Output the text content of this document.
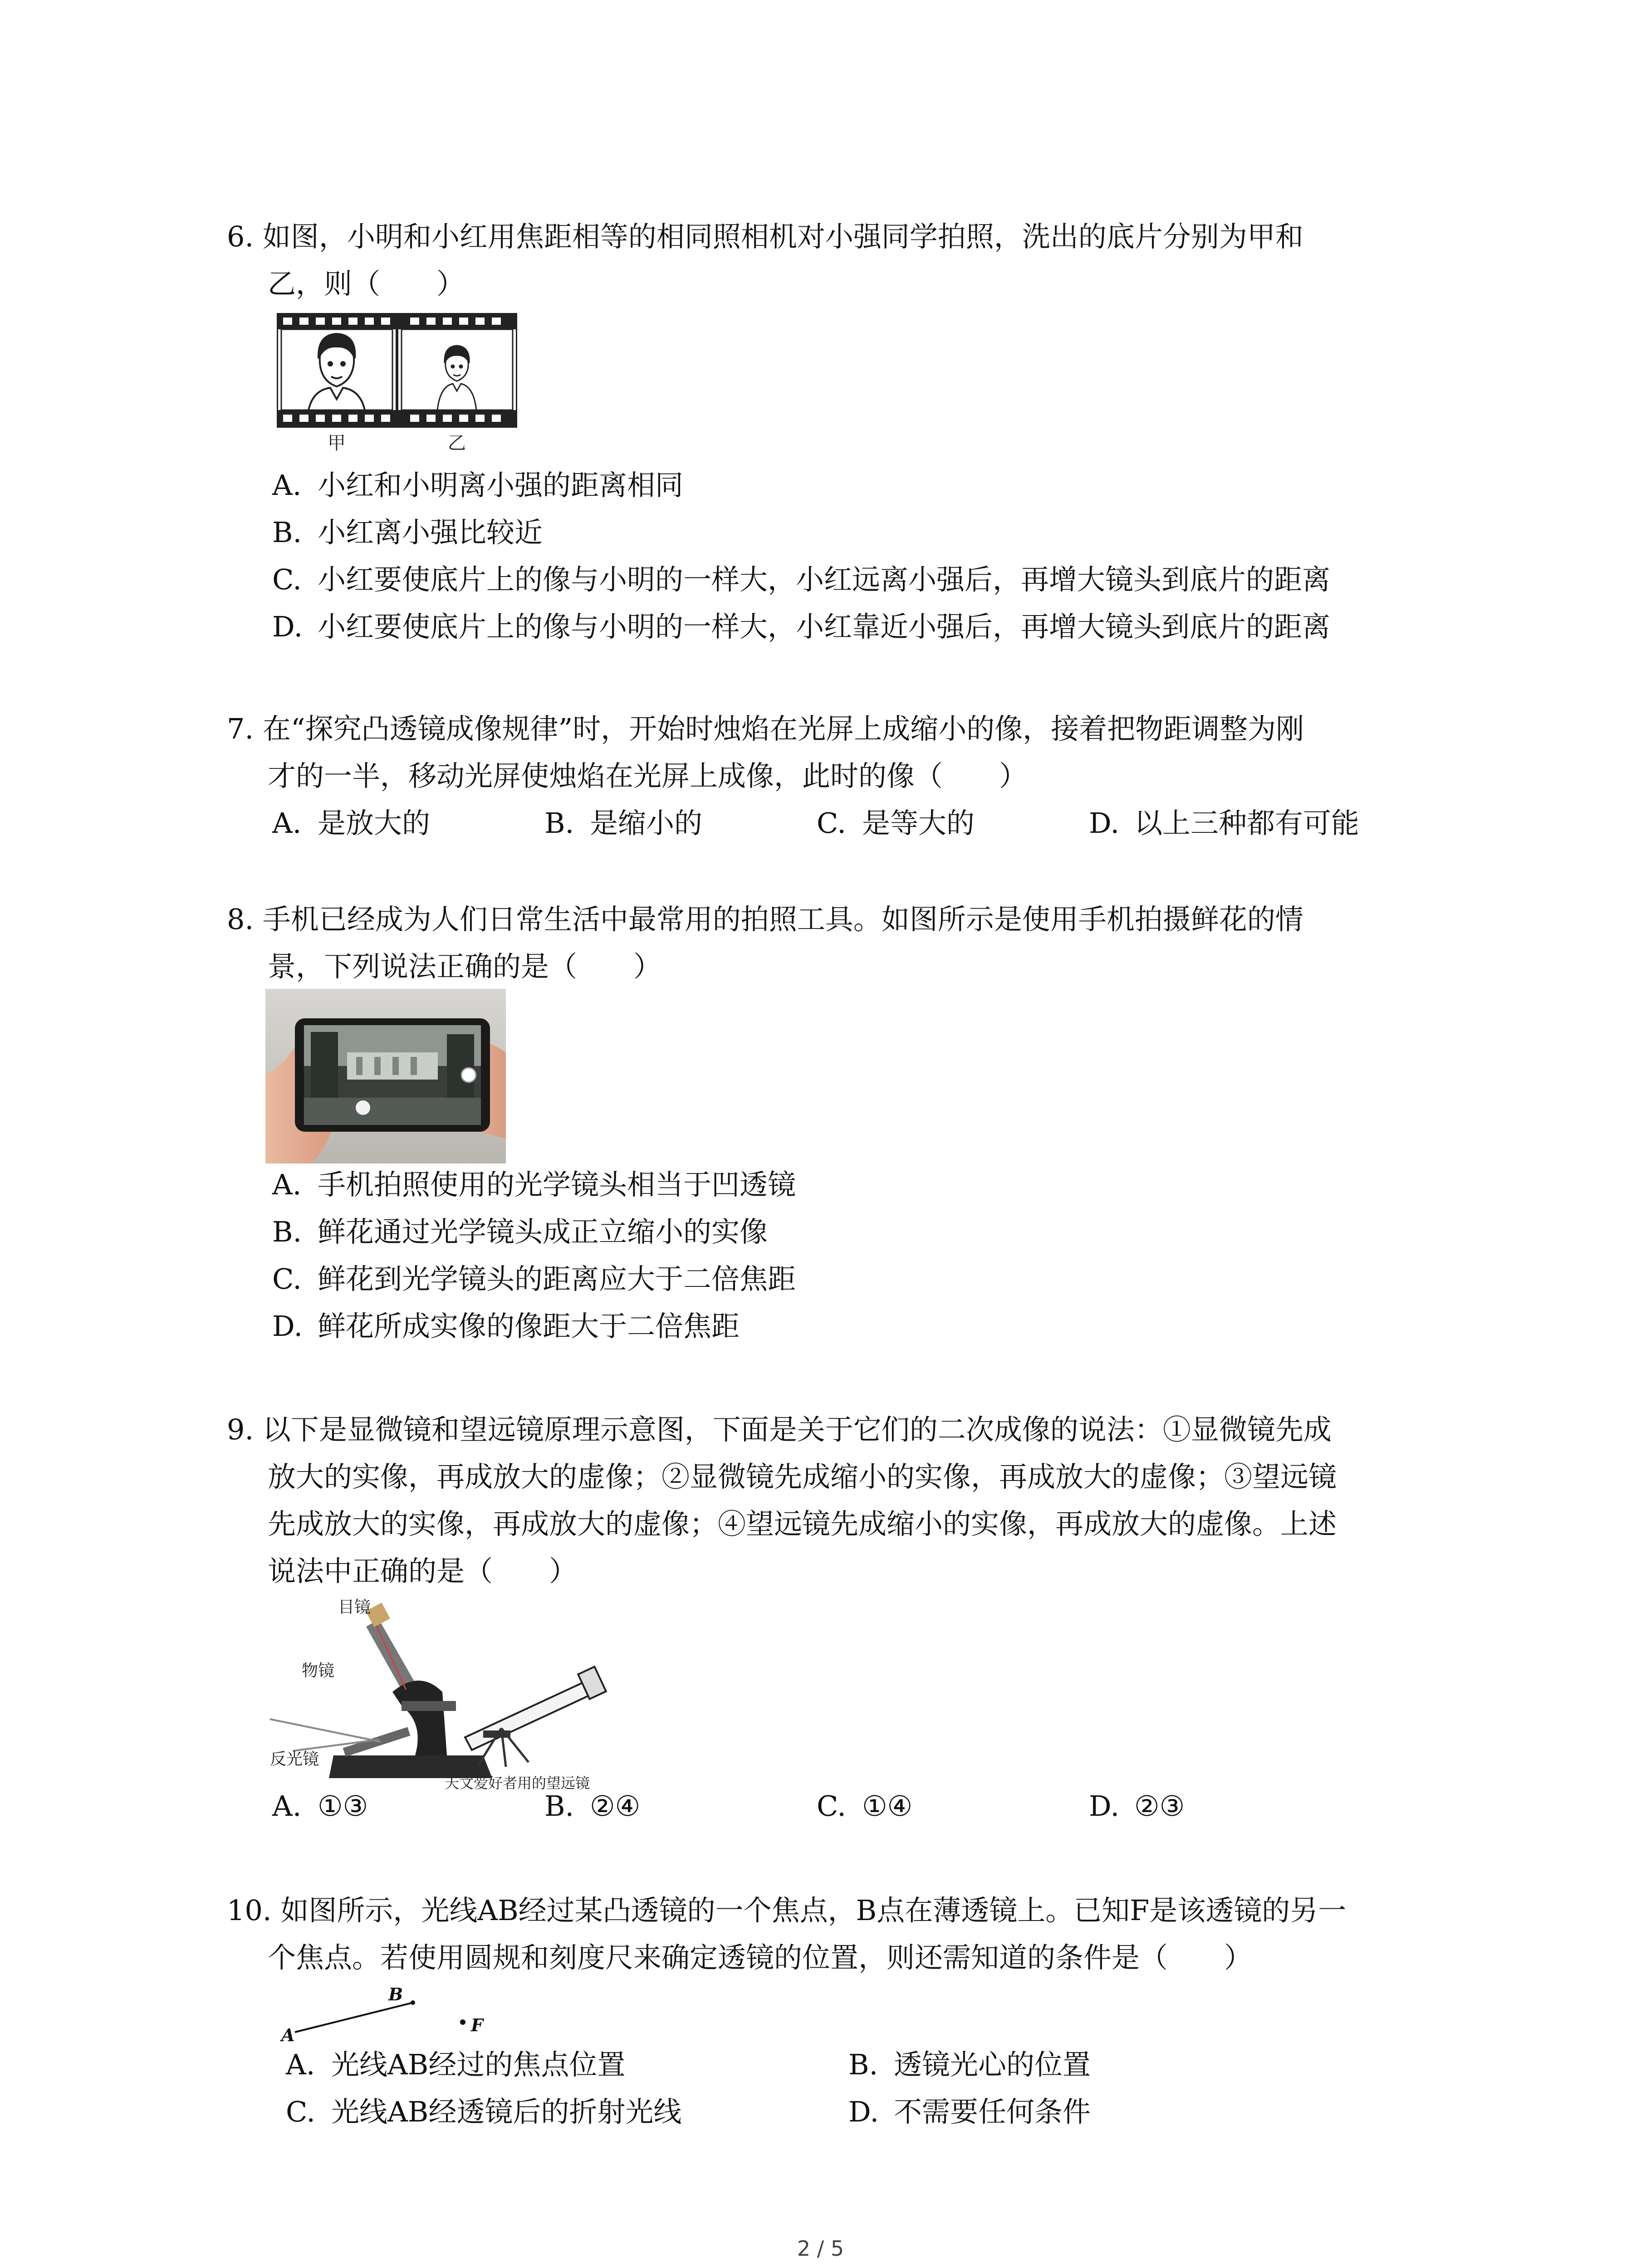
6. 如图，小明和小红用焦距相等的相同照相机对小强同学拍照，洗出的底片分别为甲和

乙，则（　　）

甲	乙
A. 小红和小明离小强的距离相同
B. 小红离小强比较近
C. 小红要使底片上的像与小明的一样大，小红远离小强后，再增大镜头到底片的距离
D. 小红要使底片上的像与小明的一样大，小红靠近小强后，再增大镜头到底片的距离

7. 在“探究凸透镜成像规律”时，开始时烛焰在光屏上成缩小的像，接着把物距调整为刚

才的一半，移动光屏使烛焰在光屏上成像，此时的像（　　）

A. 是放大的	B. 是缩小的	C. 是等大的	D. 以上三种都有可能

8. 手机已经成为人们日常生活中最常用的拍照工具。如图所示是使用手机拍摄鲜花的情

景，下列说法正确的是（　　）

A. 手机拍照使用的光学镜头相当于凹透镜
B. 鲜花通过光学镜头成正立缩小的实像
C. 鲜花到光学镜头的距离应大于二倍焦距
D. 鲜花所成实像的像距大于二倍焦距

9. 以下是显微镜和望远镜原理示意图，下面是关于它们的二次成像的说法：①显微镜先成

放大的实像，再成放大的虚像；②显微镜先成缩小的实像，再成放大的虚像；③望远镜

先成放大的实像，再成放大的虚像；④望远镜先成缩小的实像，再成放大的虚像。上述

说法中正确的是（　　）

目镜
物镜
反光镜
天文爱好者用的望远镜
A. ①③	B. ②④	C. ①④	D. ②③

10. 如图所示，光线AB经过某凸透镜的一个焦点，B点在薄透镜上。已知F是该透镜的另一

个焦点。若使用圆规和刻度尺来确定透镜的位置，则还需知道的条件是（　　）

A
B
F
A. 光线AB经过的焦点位置	B. 透镜光心的位置
C. 光线AB经透镜后的折射光线	D. 不需要任何条件
2 / 5
